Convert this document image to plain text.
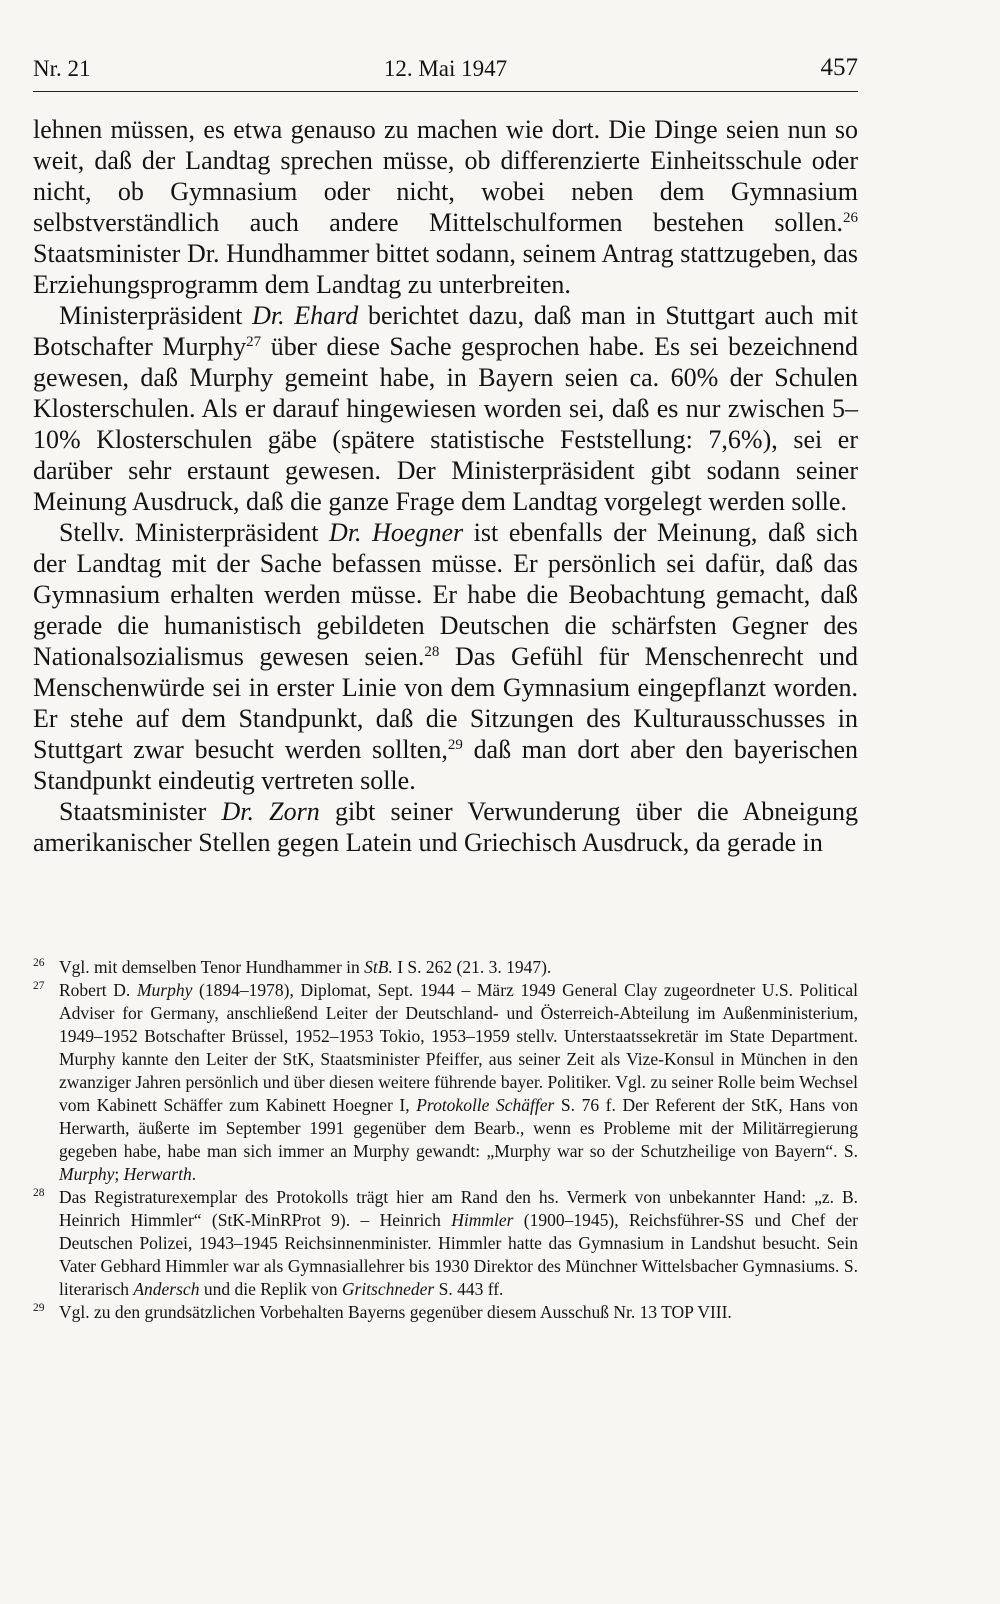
Nr. 21	12. Mai 1947	457

lehnen müssen, es etwa genauso zu machen wie dort. Die Dinge seien nun so weit, daß der Landtag sprechen müsse, ob differenzierte Einheitsschule oder nicht, ob Gymnasium oder nicht, wobei neben dem Gymnasium selbstverständlich auch andere Mittelschulformen bestehen sollen.$^{26}$ Staatsminister Dr. Hundhammer bittet sodann, seinem Antrag stattzugeben, das Erziehungsprogramm dem Landtag zu unterbreiten.

Ministerpräsident Dr. Ehard berichtet dazu, daß man in Stuttgart auch mit Botschafter Murphy$^{27}$ über diese Sache gesprochen habe. Es sei bezeichnend gewesen, daß Murphy gemeint habe, in Bayern seien ca. 60% der Schulen Klosterschulen. Als er darauf hingewiesen worden sei, daß es nur zwischen 5–10% Klosterschulen gäbe (spätere statistische Feststellung: 7,6%), sei er darüber sehr erstaunt gewesen. Der Ministerpräsident gibt sodann seiner Meinung Ausdruck, daß die ganze Frage dem Landtag vorgelegt werden solle.

Stellv. Ministerpräsident Dr. Hoegner ist ebenfalls der Meinung, daß sich der Landtag mit der Sache befassen müsse. Er persönlich sei dafür, daß das Gymnasium erhalten werden müsse. Er habe die Beobachtung gemacht, daß gerade die humanistisch gebildeten Deutschen die schärfsten Gegner des Nationalsozialismus gewesen seien.$^{28}$ Das Gefühl für Menschenrecht und Menschenwürde sei in erster Linie von dem Gymnasium eingepflanzt worden. Er stehe auf dem Standpunkt, daß die Sitzungen des Kulturausschusses in Stuttgart zwar besucht werden sollten,$^{29}$ daß man dort aber den bayerischen Standpunkt eindeutig vertreten solle.

Staatsminister Dr. Zorn gibt seiner Verwunderung über die Abneigung amerikanischer Stellen gegen Latein und Griechisch Ausdruck, da gerade in

26 Vgl. mit demselben Tenor Hundhammer in StB. I S. 262 (21. 3. 1947).

27 Robert D. Murphy (1894–1978), Diplomat, Sept. 1944 – März 1949 General Clay zugeordneter U.S. Political Adviser for Germany, anschließend Leiter der Deutschland- und Österreich-Abteilung im Außenministerium, 1949–1952 Botschafter Brüssel, 1952–1953 Tokio, 1953–1959 stellv. Unterstaatssekretär im State Department. Murphy kannte den Leiter der StK, Staatsminister Pfeiffer, aus seiner Zeit als Vize-Konsul in München in den zwanziger Jahren persönlich und über diesen weitere führende bayer. Politiker. Vgl. zu seiner Rolle beim Wechsel vom Kabinett Schäffer zum Kabinett Hoegner I, Protokolle Schäffer S. 76 f. Der Referent der StK, Hans von Herwarth, äußerte im September 1991 gegenüber dem Bearb., wenn es Probleme mit der Militärregierung gegeben habe, habe man sich immer an Murphy gewandt: „Murphy war so der Schutzheilige von Bayern“. S. Murphy; Herwarth.

28 Das Registraturexemplar des Protokolls trägt hier am Rand den hs. Vermerk von unbekannter Hand: „z. B. Heinrich Himmler“ (StK-MinRProt 9). – Heinrich Himmler (1900–1945), Reichsführer-SS und Chef der Deutschen Polizei, 1943–1945 Reichsinnenminister. Himmler hatte das Gymnasium in Landshut besucht. Sein Vater Gebhard Himmler war als Gymnasiallehrer bis 1930 Direktor des Münchner Wittelsbacher Gymnasiums. S. literarisch Andersch und die Replik von Gritschneder S. 443 ff.

29 Vgl. zu den grundsätzlichen Vorbehalten Bayerns gegenüber diesem Ausschuß Nr. 13 TOP VIII.
